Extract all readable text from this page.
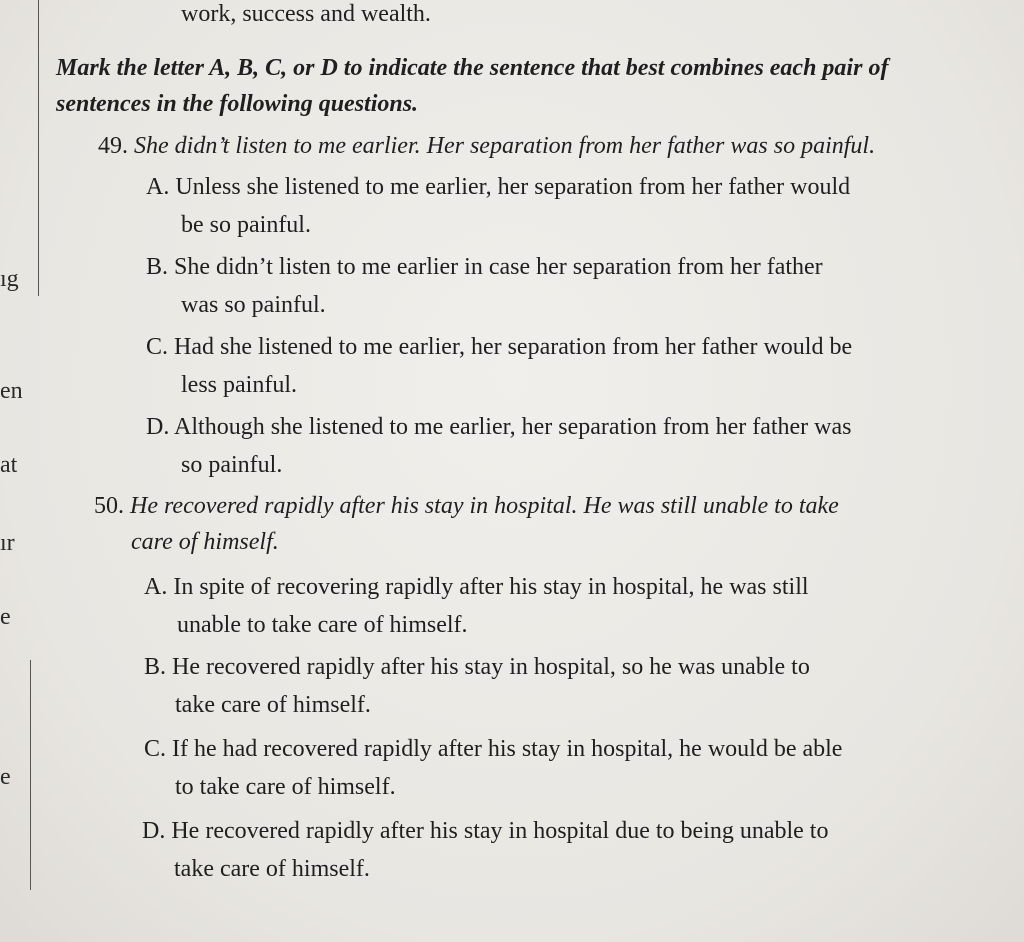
ıg
en
at
ır
e
e
work, success and wealth.
Mark the letter A, B, C, or D to indicate the sentence that best combines each pair of sentences in the following questions.
49. She didn’t listen to me earlier. Her separation from her father was so painful.
A. Unless she listened to me earlier, her separation from her father would
be so painful.
B. She didn’t listen to me earlier in case her separation from her father
was so painful.
C. Had she listened to me earlier, her separation from her father would be
less painful.
D. Although she listened to me earlier, her separation from her father was
so painful.
50. He recovered rapidly after his stay in hospital. He was still unable to take
care of himself.
A. In spite of recovering rapidly after his stay in hospital, he was still
unable to take care of himself.
B. He recovered rapidly after his stay in hospital, so he was unable to
take care of himself.
C. If he had recovered rapidly after his stay in hospital, he would be able
to take care of himself.
D. He recovered rapidly after his stay in hospital due to being unable to
take care of himself.
